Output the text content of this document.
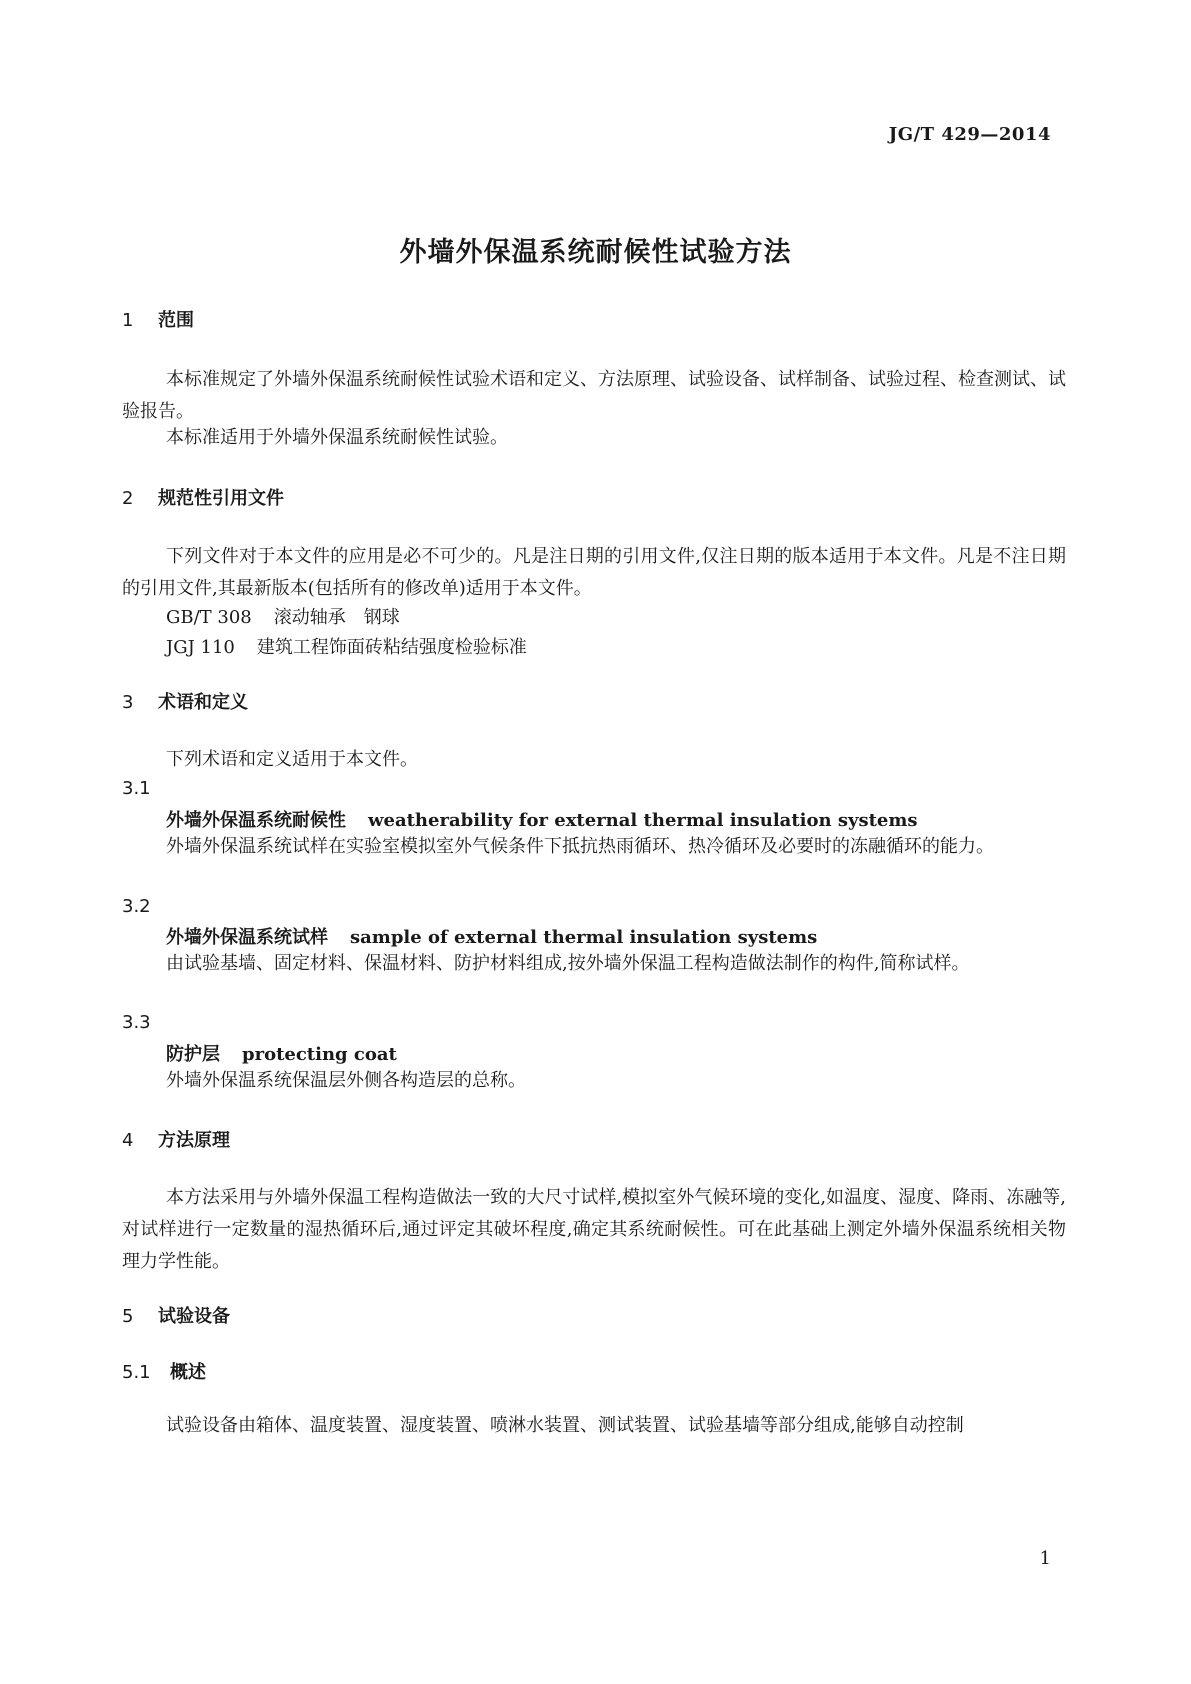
JG/T 429—2014
外墙外保温系统耐候性试验方法
1 范围
本标准规定了外墙外保温系统耐候性试验术语和定义、方法原理、试验设备、试样制备、试验过程、检查测试、试验报告。
本标准适用于外墙外保温系统耐候性试验。
2 规范性引用文件
下列文件对于本文件的应用是必不可少的。凡是注日期的引用文件,仅注日期的版本适用于本文件。凡是不注日期的引用文件,其最新版本(包括所有的修改单)适用于本文件。
GB/T 308 滚动轴承　钢球
JGJ 110 建筑工程饰面砖粘结强度检验标准
3 术语和定义
下列术语和定义适用于本文件。
3.1
外墙外保温系统耐候性 weatherability for external thermal insulation systems
外墙外保温系统试样在实验室模拟室外气候条件下抵抗热雨循环、热冷循环及必要时的冻融循环的能力。
3.2
外墙外保温系统试样 sample of external thermal insulation systems
由试验基墙、固定材料、保温材料、防护材料组成,按外墙外保温工程构造做法制作的构件,简称试样。
3.3
防护层 protecting coat
外墙外保温系统保温层外侧各构造层的总称。
4 方法原理
本方法采用与外墙外保温工程构造做法一致的大尺寸试样,模拟室外气候环境的变化,如温度、湿度、降雨、冻融等,对试样进行一定数量的湿热循环后,通过评定其破坏程度,确定其系统耐候性。可在此基础上测定外墙外保温系统相关物理力学性能。
5 试验设备
5.1 概述
试验设备由箱体、温度装置、湿度装置、喷淋水装置、测试装置、试验基墙等部分组成,能够自动控制
1
